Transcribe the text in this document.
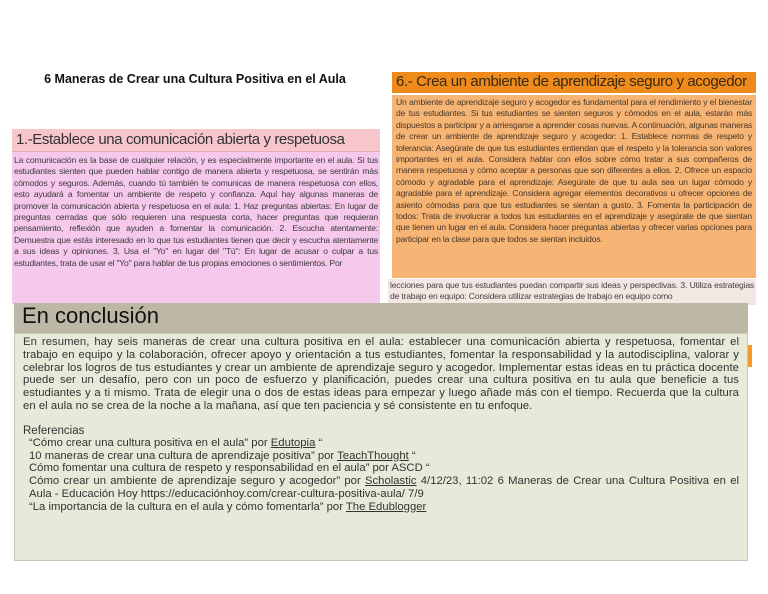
6 Maneras de Crear una Cultura Positiva en el Aula	6.- Crea un ambiente de aprendizaje seguro y acogedor

Un ambiente de aprendizaje seguro y acogedor es fundamental para el rendimiento y el bienestar de tus estudiantes. Si tus estudiantes se sienten seguros y cómodos en el aula, estarán más dispuestos a participar y a arriesgarse a aprender cosas nuevas. A continuación, algunas maneras de crear un ambiente de aprendizaje seguro y acogedor: 1. Establece normas de respeto y tolerancia: Asegúrate de que tus estudiantes entiendan que el respeto y la tolerancia son valores importantes en el aula. Considera hablar con ellos sobre cómo tratar a sus compañeros de manera respetuosa y cómo aceptar a personas que son diferentes a ellos. 2. Ofrece un espacio cómodo y agradable para el aprendizaje: Asegúrate de que tu aula sea un lugar cómodo y agradable para el aprendizaje. Considera agregar elementos decorativos u ofrecer opciones de asiento cómodas para que tus estudiantes se sientan a gusto. 3. Fomenta la participación de todos: Trata de involucrar a todos tus estudiantes en el aprendizaje y asegúrate de que sientan que tienen un lugar en el aula. Considera hacer preguntas abiertas y ofrecer varias opciones para participar en la clase para que todos se sientan incluidos.

1.-Establece una comunicación abierta y respetuosa

La comunicación es la base de cualquier relación, y es especialmente importante en el aula. Si tus estudiantes sienten que pueden hablar contigo de manera abierta y respetuosa, se sentirán más cómodos y seguros. Además, cuando tú también te comunicas de manera respetuosa con ellos, esto ayudará a fomentar un ambiente de respeto y confianza. Aquí hay algunas maneras de promover la comunicación abierta y respetuosa en el aula: 1. Haz preguntas abiertas: En lugar de preguntas cerradas que sólo requieren una respuesta corta, hacer preguntas que requieran pensamiento, reflexión que ayuden a fomentar la comunicación. 2. Escucha atentamente: Demuestra que estás interesado en lo que tus estudiantes tienen que decir y escucha atentamente a sus ideas y opiniones. 3. Usa el "Yo" en lugar del "Tú": En lugar de acusar o culpar a tus estudiantes, trata de usar el "Yo" para hablar de tus propias emociones o sentimientos. Por

lecciones para que tus estudiantes puedan compartir sus ideas y perspectivas. 3. Utiliza estrategias de trabajo en equipo: Considera utilizar estrategias de trabajo en equipo como

En conclusión

En resumen, hay seis maneras de crear una cultura positiva en el aula: establecer una comunicación abierta y respetuosa, fomentar el trabajo en equipo y la colaboración, ofrecer apoyo y orientación a tus estudiantes, fomentar la responsabilidad y la autodisciplina, valorar y celebrar los logros de tus estudiantes y crear un ambiente de aprendizaje seguro y acogedor. Implementar estas ideas en tu práctica docente puede ser un desafío, pero con un poco de esfuerzo y planificación, puedes crear una cultura positiva en tu aula que beneficie a tus estudiantes y a ti mismo. Trata de elegir una o dos de estas ideas para empezar y luego añade más con el tiempo. Recuerda que la cultura en el aula no se crea de la noche a la mañana, así que ten paciencia y sé consistente en tu enfoque.

Referencias
“Cómo crear una cultura positiva en el aula” por Edutopia “
10 maneras de crear una cultura de aprendizaje positiva” por TeachThought “
Cómo fomentar una cultura de respeto y responsabilidad en el aula” por ASCD “
Cómo crear un ambiente de aprendizaje seguro y acogedor” por Scholastic 4/12/23, 11:02 6 Maneras de Crear una Cultura Positiva en el Aula - Educación Hoy https://educaciónhoy.com/crear-cultura-positiva-aula/ 7/9
“La importancia de la cultura en el aula y cómo fomentarla” por The Edublogger
